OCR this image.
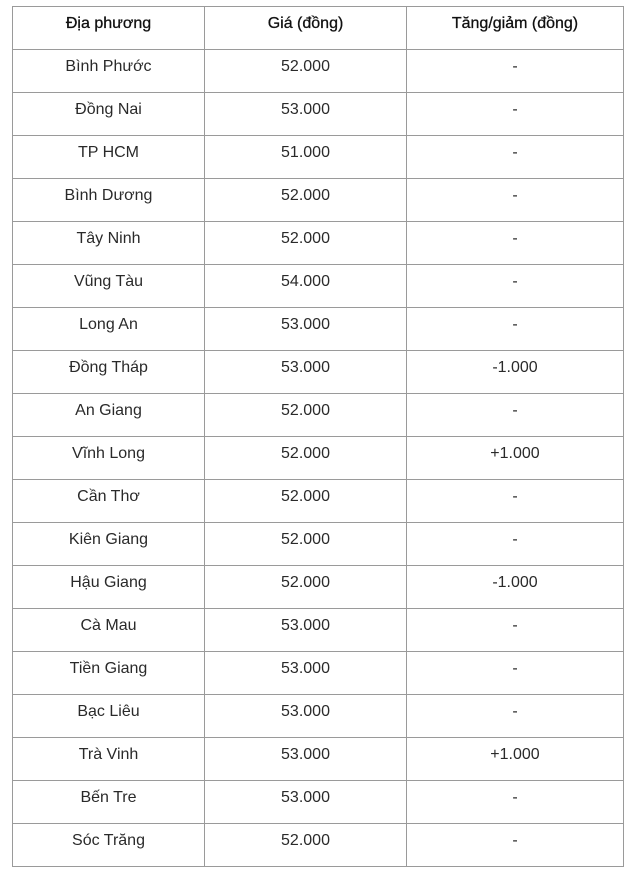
Địa phương	Giá (đồng)	Tăng/giảm (đồng)
Bình Phước	52.000	-
Đồng Nai	53.000	-
TP HCM	51.000	-
Bình Dương	52.000	-
Tây Ninh	52.000	-
Vũng Tàu	54.000	-
Long An	53.000	-
Đồng Tháp	53.000	-1.000
An Giang	52.000	-
Vĩnh Long	52.000	+1.000
Cần Thơ	52.000	-
Kiên Giang	52.000	-
Hậu Giang	52.000	-1.000
Cà Mau	53.000	-
Tiền Giang	53.000	-
Bạc Liêu	53.000	-
Trà Vinh	53.000	+1.000
Bến Tre	53.000	-
Sóc Trăng	52.000	-
